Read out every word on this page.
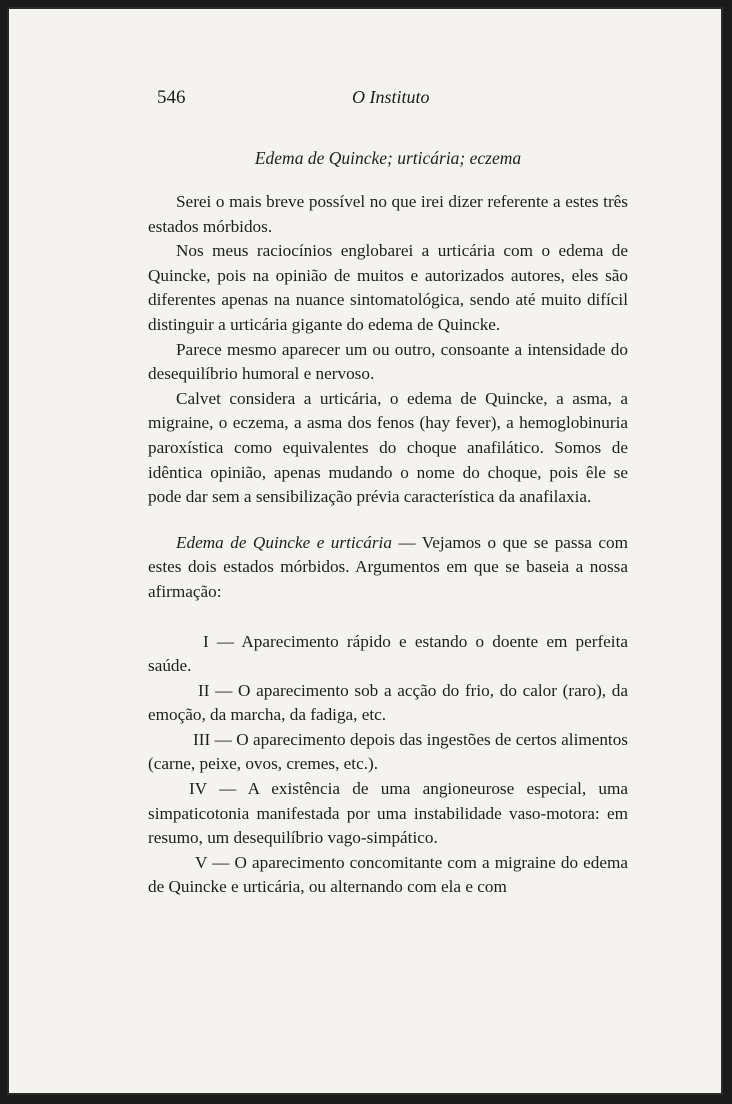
546	O Instituto
Edema de Quincke; urticária; eczema

Serei o mais breve possível no que irei dizer referente a estes três estados mórbidos.

Nos meus raciocínios englobarei a urticária com o edema de Quincke, pois na opinião de muitos e autorizados autores, eles são diferentes apenas na nuance sintomatológica, sendo até muito difícil distinguir a urticária gigante do edema de Quincke.

Parece mesmo aparecer um ou outro, consoante a intensidade do desequilíbrio humoral e nervoso.

Calvet considera a urticária, o edema de Quincke, a asma, a migraine, o eczema, a asma dos fenos (hay fever), a hemoglobinuria paroxística como equivalentes do choque anafilático. Somos de idêntica opinião, apenas mudando o nome do choque, pois êle se pode dar sem a sensibilização prévia característica da anafilaxia.

Edema de Quincke e urticária — Vejamos o que se passa com estes dois estados mórbidos. Argumentos em que se baseia a nossa afirmação:

I — Aparecimento rápido e estando o doente em perfeita saúde.

II — O aparecimento sob a acção do frio, do calor (raro), da emoção, da marcha, da fadiga, etc.

III — O aparecimento depois das ingestões de certos alimentos (carne, peixe, ovos, cremes, etc.).

IV — A existência de uma angioneurose especial, uma simpaticotonia manifestada por uma instabilidade vaso-motora: em resumo, um desequilíbrio vago-simpático.

V — O aparecimento concomitante com a migraine do edema de Quincke e urticária, ou alternando com ela e com
